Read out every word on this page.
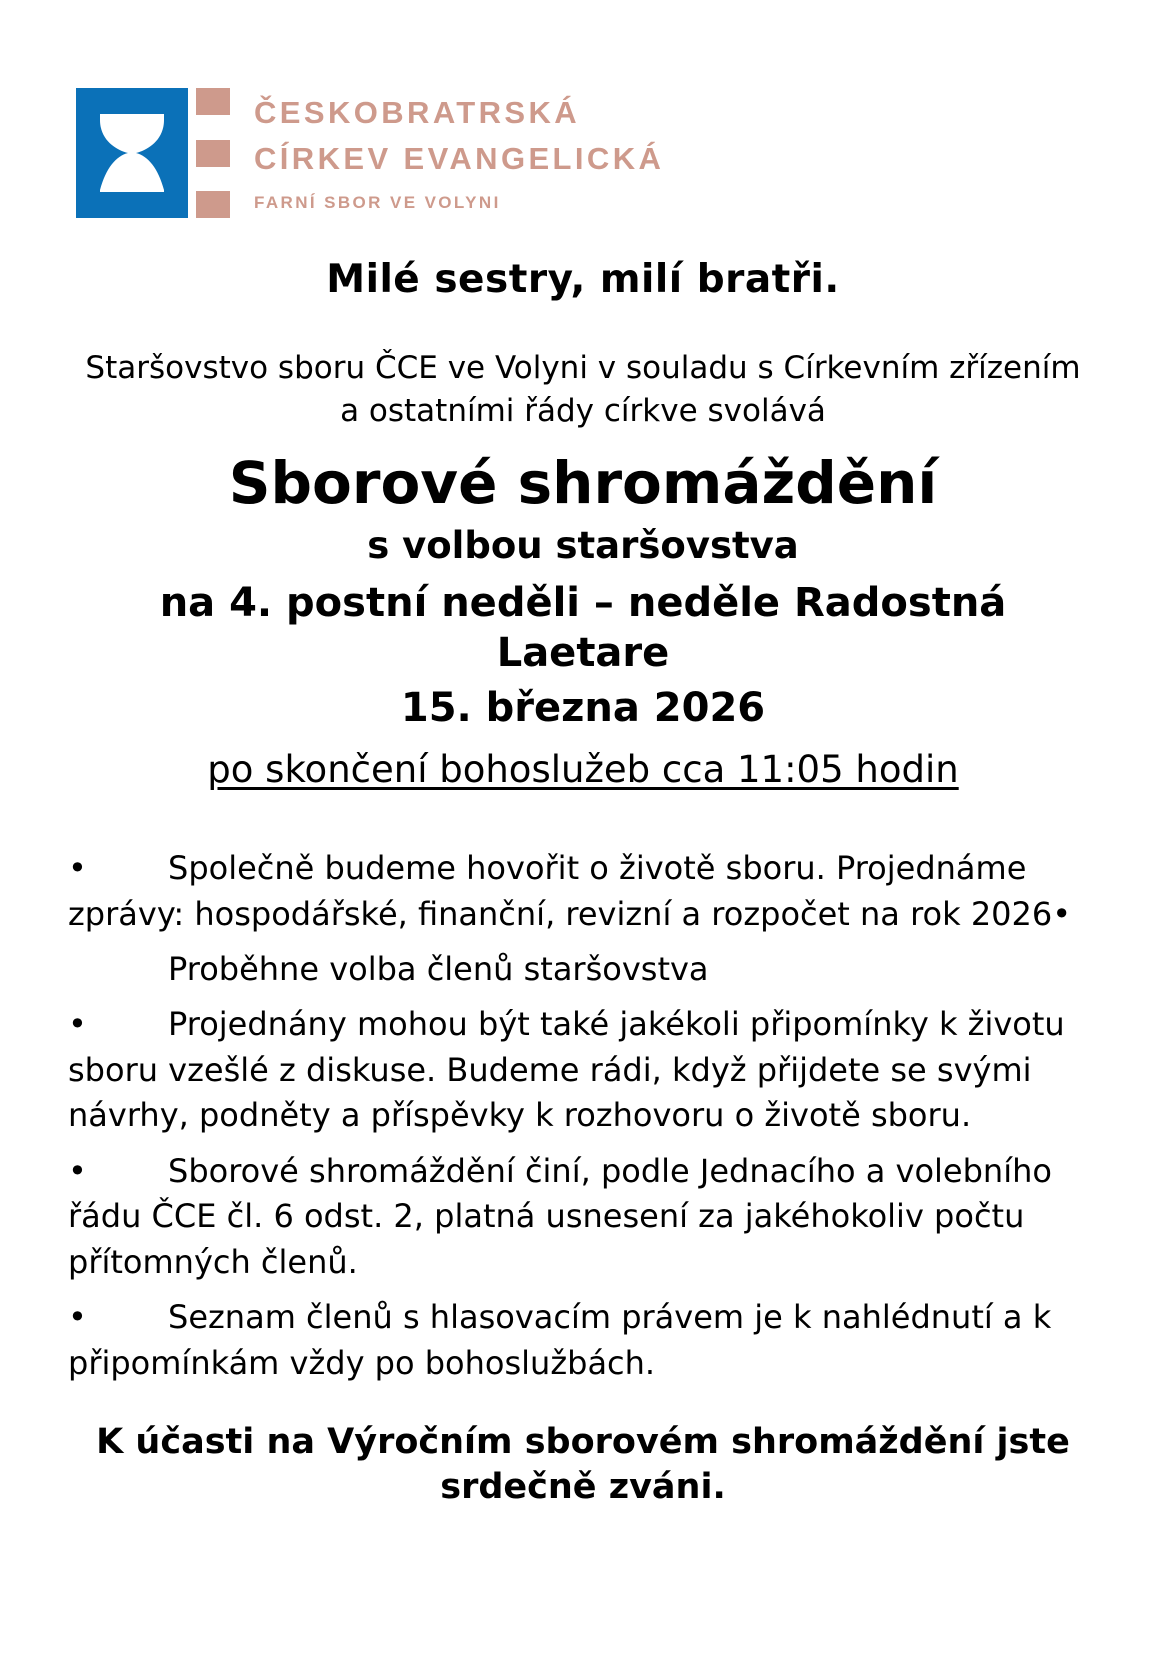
ČESKOBRATRSKÁ
CÍRKEV EVANGELICKÁ
FARNÍ SBOR VE VOLYNI

Milé sestry, milí bratři.

Staršovstvo sboru ČCE ve Volyni v souladu s Církevním zřízením
a ostatními řády církve svolává

Sborové shromáždění

s volbou staršovstva

na 4. postní neděli – neděle Radostná Laetare

15. března 2026

po skončení bohoslužeb cca 11:05 hodin

•	Společně budeme hovořit o životě sboru. Projednáme zprávy: hospodářské, finanční, revizní a rozpočet na rok 2026•

Proběhne volba členů staršovstva

•	Projednány mohou být také jakékoli připomínky k životu sboru vzešlé z diskuse. Budeme rádi, když přijdete se svými návrhy, podněty a příspěvky k rozhovoru o životě sboru.

•	Sborové shromáždění činí, podle Jednacího a volebního řádu ČCE čl. 6 odst. 2, platná usnesení za jakéhokoliv počtu přítomných členů.

•	Seznam členů s hlasovacím právem je k nahlédnutí a k připomínkám vždy po bohoslužbách.

K účasti na Výročním sborovém shromáždění jste
srdečně zváni.
